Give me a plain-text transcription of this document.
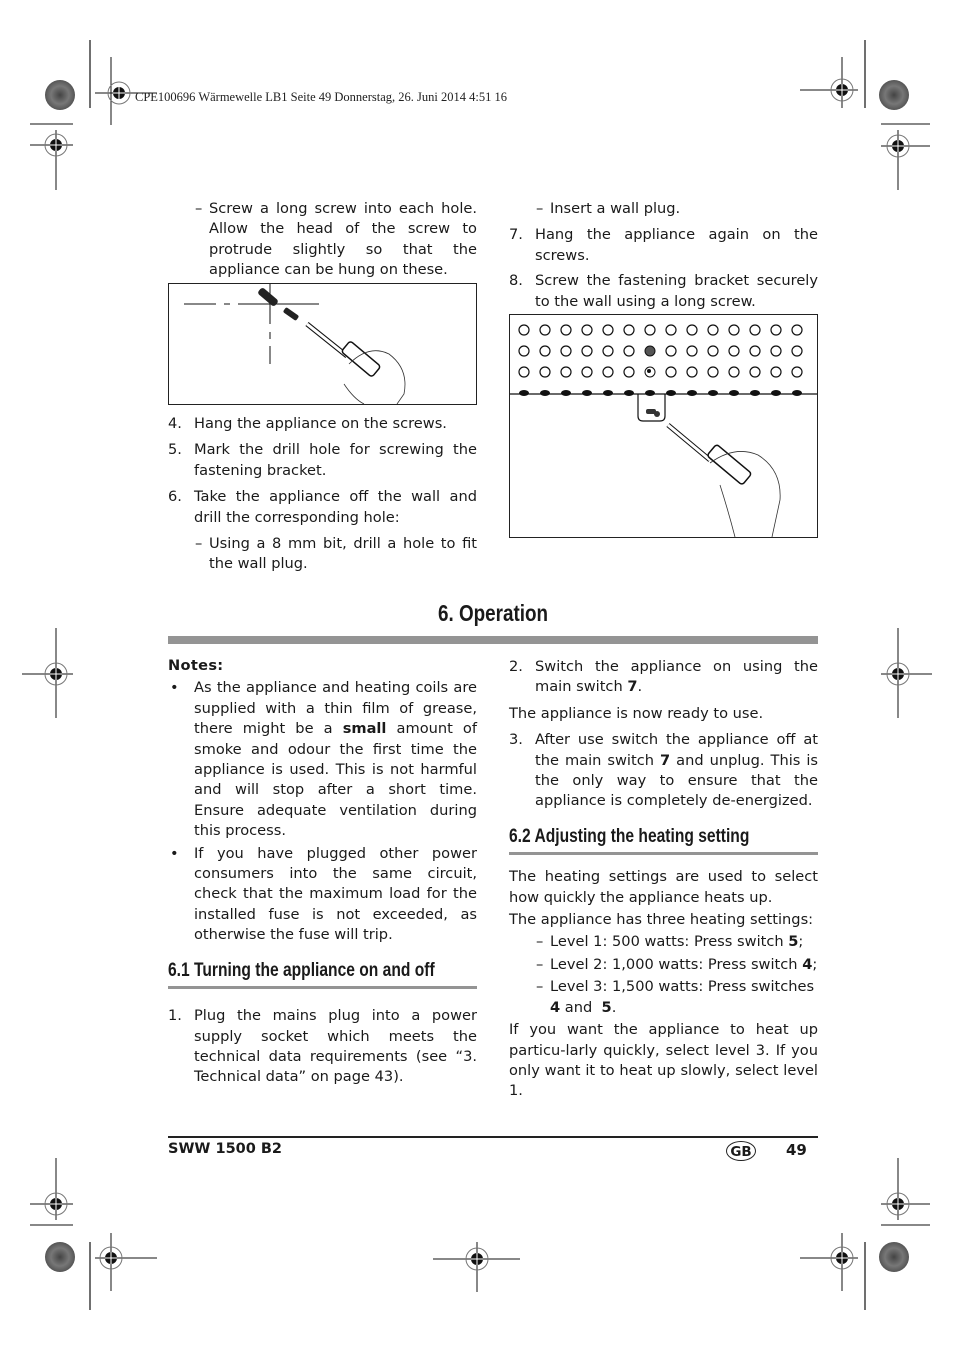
CPE100696 Wärmewelle LB1 Seite 49 Donnerstag, 26. Juni 2014 4:51 16

– Screw a long screw into each hole. Allow the head of the screw to protrude slightly so that the appliance can be hung on these.

4. Hang the appliance on the screws.

5. Mark the drill hole for screwing the fastening bracket.

6. Take the appliance off the wall and drill the corresponding hole:

– Using a 8 mm bit, drill a hole to fit the wall plug.

– Insert a wall plug.

7. Hang the appliance again on the screws.

8. Screw the fastening bracket securely to the wall using a long screw.

6. Operation

Notes:

• As the appliance and heating coils are supplied with a thin film of grease, there might be a small amount of smoke and odour the first time the appliance is used. This is not harmful and will stop after a short time. Ensure adequate ventilation during this process.

• If you have plugged other power consumers into the same circuit, check that the maximum load for the installed fuse is not exceeded, as otherwise the fuse will trip.

6.1 Turning the appliance on and off

1. Plug the mains plug into a power supply socket which meets the technical data requirements (see “3. Technical data” on page 43).

2. Switch the appliance on using the main switch 7.

The appliance is now ready to use.

3. After use switch the appliance off at the main switch 7 and unplug. This is the only way to ensure that the appliance is completely de-energized.

6.2 Adjusting the heating setting

The heating settings are used to select how quickly the appliance heats up.

The appliance has three heating settings:

– Level 1: 500 watts: Press switch 5;

– Level 2: 1,000 watts: Press switch 4;

– Level 3: 1,500 watts: Press switches 4 and  5.

If you want the appliance to heat up particu-larly quickly, select level 3. If you only want it to heat up slowly, select level 1.

SWW 1500 B2	GB 49
